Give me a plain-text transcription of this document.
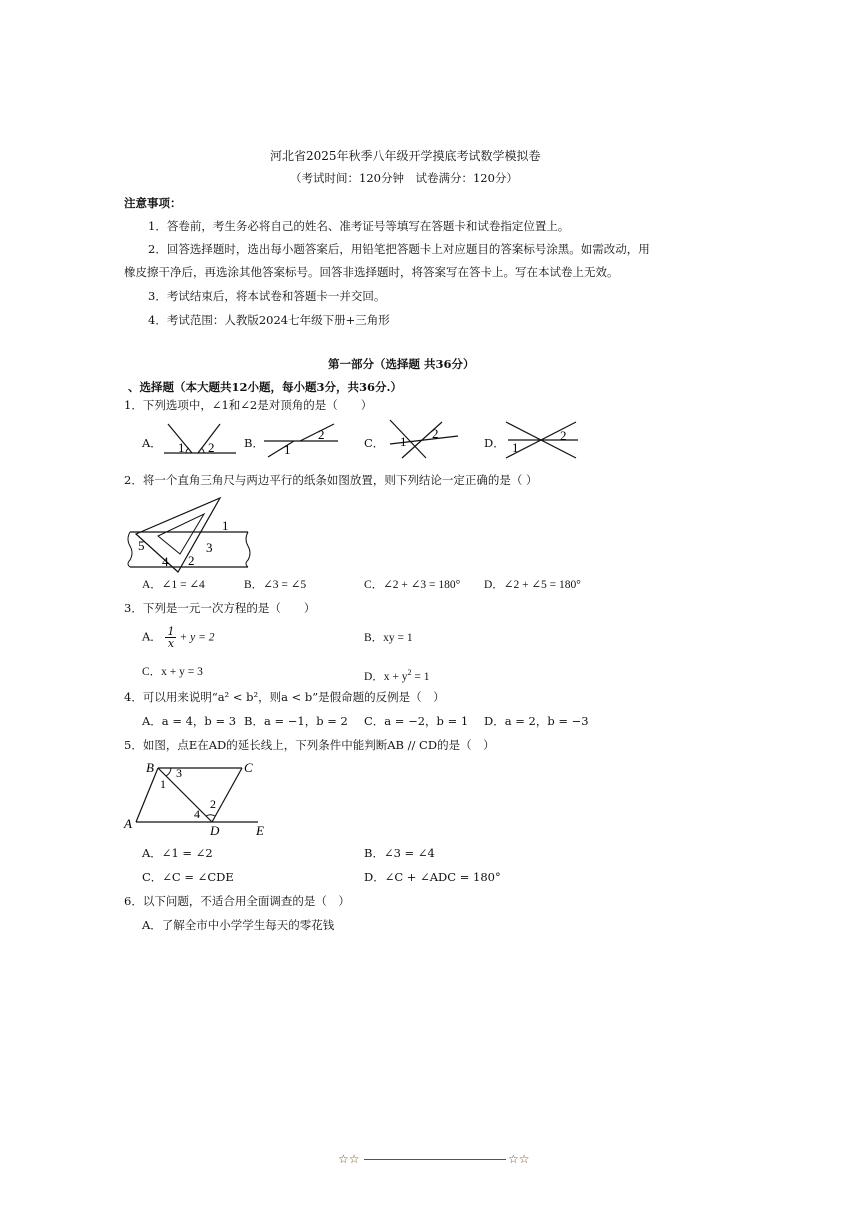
河北省2025年秋季八年级开学摸底考试数学模拟卷
（考试时间：120分钟　试卷满分：120分）
注意事项：
1．答卷前，考生务必将自己的姓名、准考证号等填写在答题卡和试卷指定位置上。
2．回答选择题时，选出每小题答案后，用铅笔把答题卡上对应题目的答案标号涂黑。如需改动，用
橡皮擦干净后，再选涂其他答案标号。回答非选择题时，将答案写在答卡上。写在本试卷上无效。
3．考试结束后，将本试卷和答题卡一并交回。
4．考试范围：人教版2024七年级下册+三角形
第一部分（选择题 共36分）
、选择题（本大题共12小题，每小题3分，共36分.）
1．下列选项中，∠1和∠2是对顶角的是（　　）
A． 1 2	B． 1
2
C． 1
2
D． 1
2
2．将一个直角三角尺与两边平行的纸条如图放置，则下列结论一定正确的是（ ）
1
2
3
4
5
A．∠1 = ∠4	B．∠3 = ∠5	C．∠2 + ∠3 = 180° D．∠2 + ∠5 = 180°
3．下列是一元一次方程的是（　　）
A． $\frac{1}{x} + y = 2$	B．xy = 1
C．x + y = 3	D．$x + y^2 = 1$
4．可以用来说明“a² < b²，则a < b”是假命题的反例是（　）
A．a = 4，b = 3 B．a = −1，b = 2 C．a = −2，b = 1 D．a = 2，b = −3
5．如图，点E在AD的延长线上，下列条件中能判断AB // CD的是（　）
B	C
A	D	E
1
2
3
4
A．∠1 = ∠2	B．∠3 = ∠4
C．∠C = ∠CDE	D．∠C + ∠ADC = 180°
6．以下问题，不适合用全面调查的是（　）
A．了解全市中小学学生每天的零花钱
☆☆	☆☆
